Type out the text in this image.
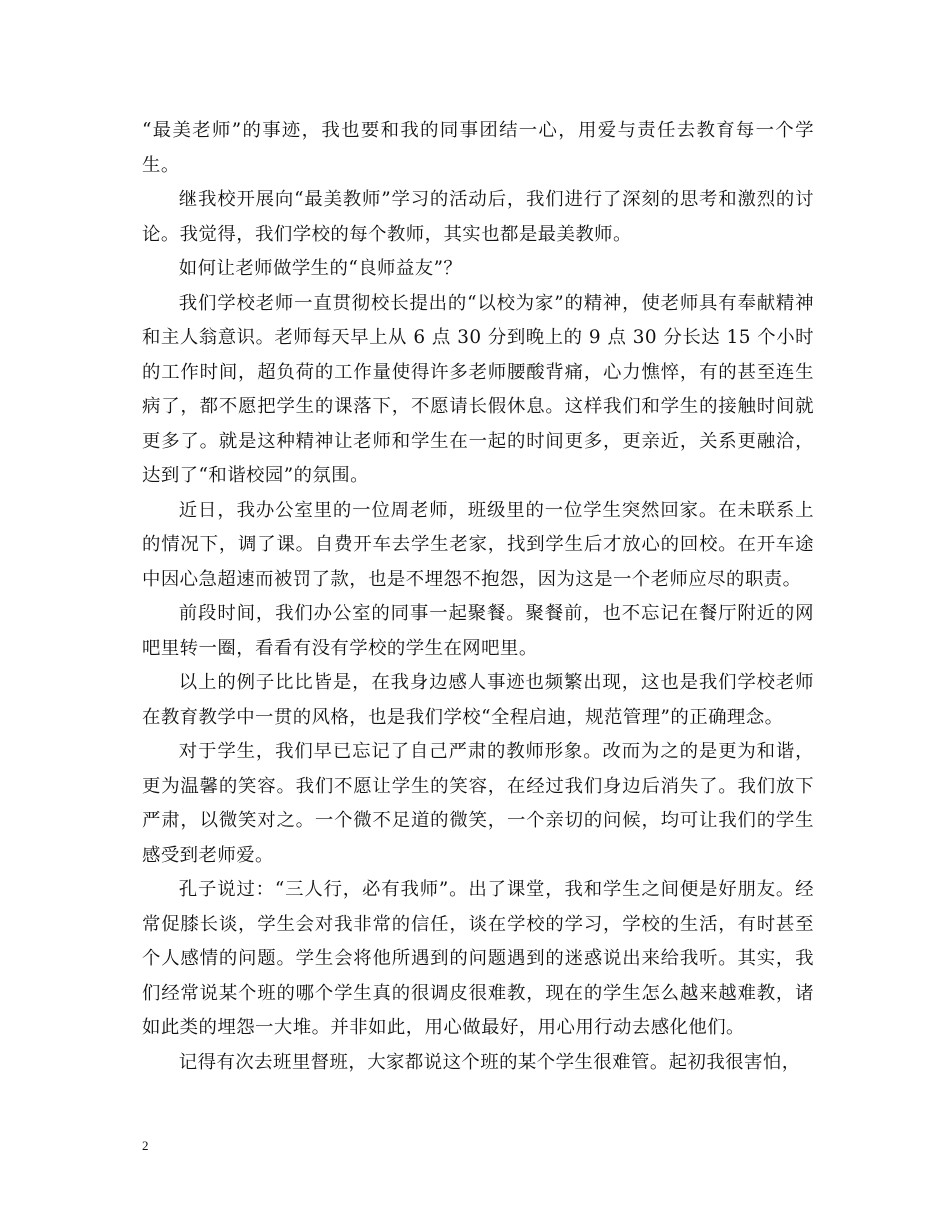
“最美老师”的事迹，我也要和我的同事团结一心，用爱与责任去教育每一个学生。

继我校开展向“最美教师”学习的活动后，我们进行了深刻的思考和激烈的讨论。我觉得，我们学校的每个教师，其实也都是最美教师。

如何让老师做学生的“良师益友”？

我们学校老师一直贯彻校长提出的“以校为家”的精神，使老师具有奉献精神和主人翁意识。老师每天早上从 6 点 30 分到晚上的 9 点 30 分长达 15 个小时的工作时间，超负荷的工作量使得许多老师腰酸背痛，心力憔悴，有的甚至连生病了，都不愿把学生的课落下，不愿请长假休息。这样我们和学生的接触时间就更多了。就是这种精神让老师和学生在一起的时间更多，更亲近，关系更融洽，达到了“和谐校园”的氛围。

近日，我办公室里的一位周老师，班级里的一位学生突然回家。在未联系上的情况下，调了课。自费开车去学生老家，找到学生后才放心的回校。在开车途中因心急超速而被罚了款，也是不埋怨不抱怨，因为这是一个老师应尽的职责。

前段时间，我们办公室的同事一起聚餐。聚餐前，也不忘记在餐厅附近的网吧里转一圈，看看有没有学校的学生在网吧里。

以上的例子比比皆是，在我身边感人事迹也频繁出现，这也是我们学校老师在教育教学中一贯的风格，也是我们学校“全程启迪，规范管理”的正确理念。

对于学生，我们早已忘记了自己严肃的教师形象。改而为之的是更为和谐，更为温馨的笑容。我们不愿让学生的笑容，在经过我们身边后消失了。我们放下严肃，以微笑对之。一个微不足道的微笑，一个亲切的问候，均可让我们的学生感受到老师爱。

孔子说过：“三人行，必有我师”。出了课堂，我和学生之间便是好朋友。经常促膝长谈，学生会对我非常的信任，谈在学校的学习，学校的生活，有时甚至个人感情的问题。学生会将他所遇到的问题遇到的迷惑说出来给我听。其实，我们经常说某个班的哪个学生真的很调皮很难教，现在的学生怎么越来越难教，诸如此类的埋怨一大堆。并非如此，用心做最好，用心用行动去感化他们。

记得有次去班里督班，大家都说这个班的某个学生很难管。起初我很害怕，

2
